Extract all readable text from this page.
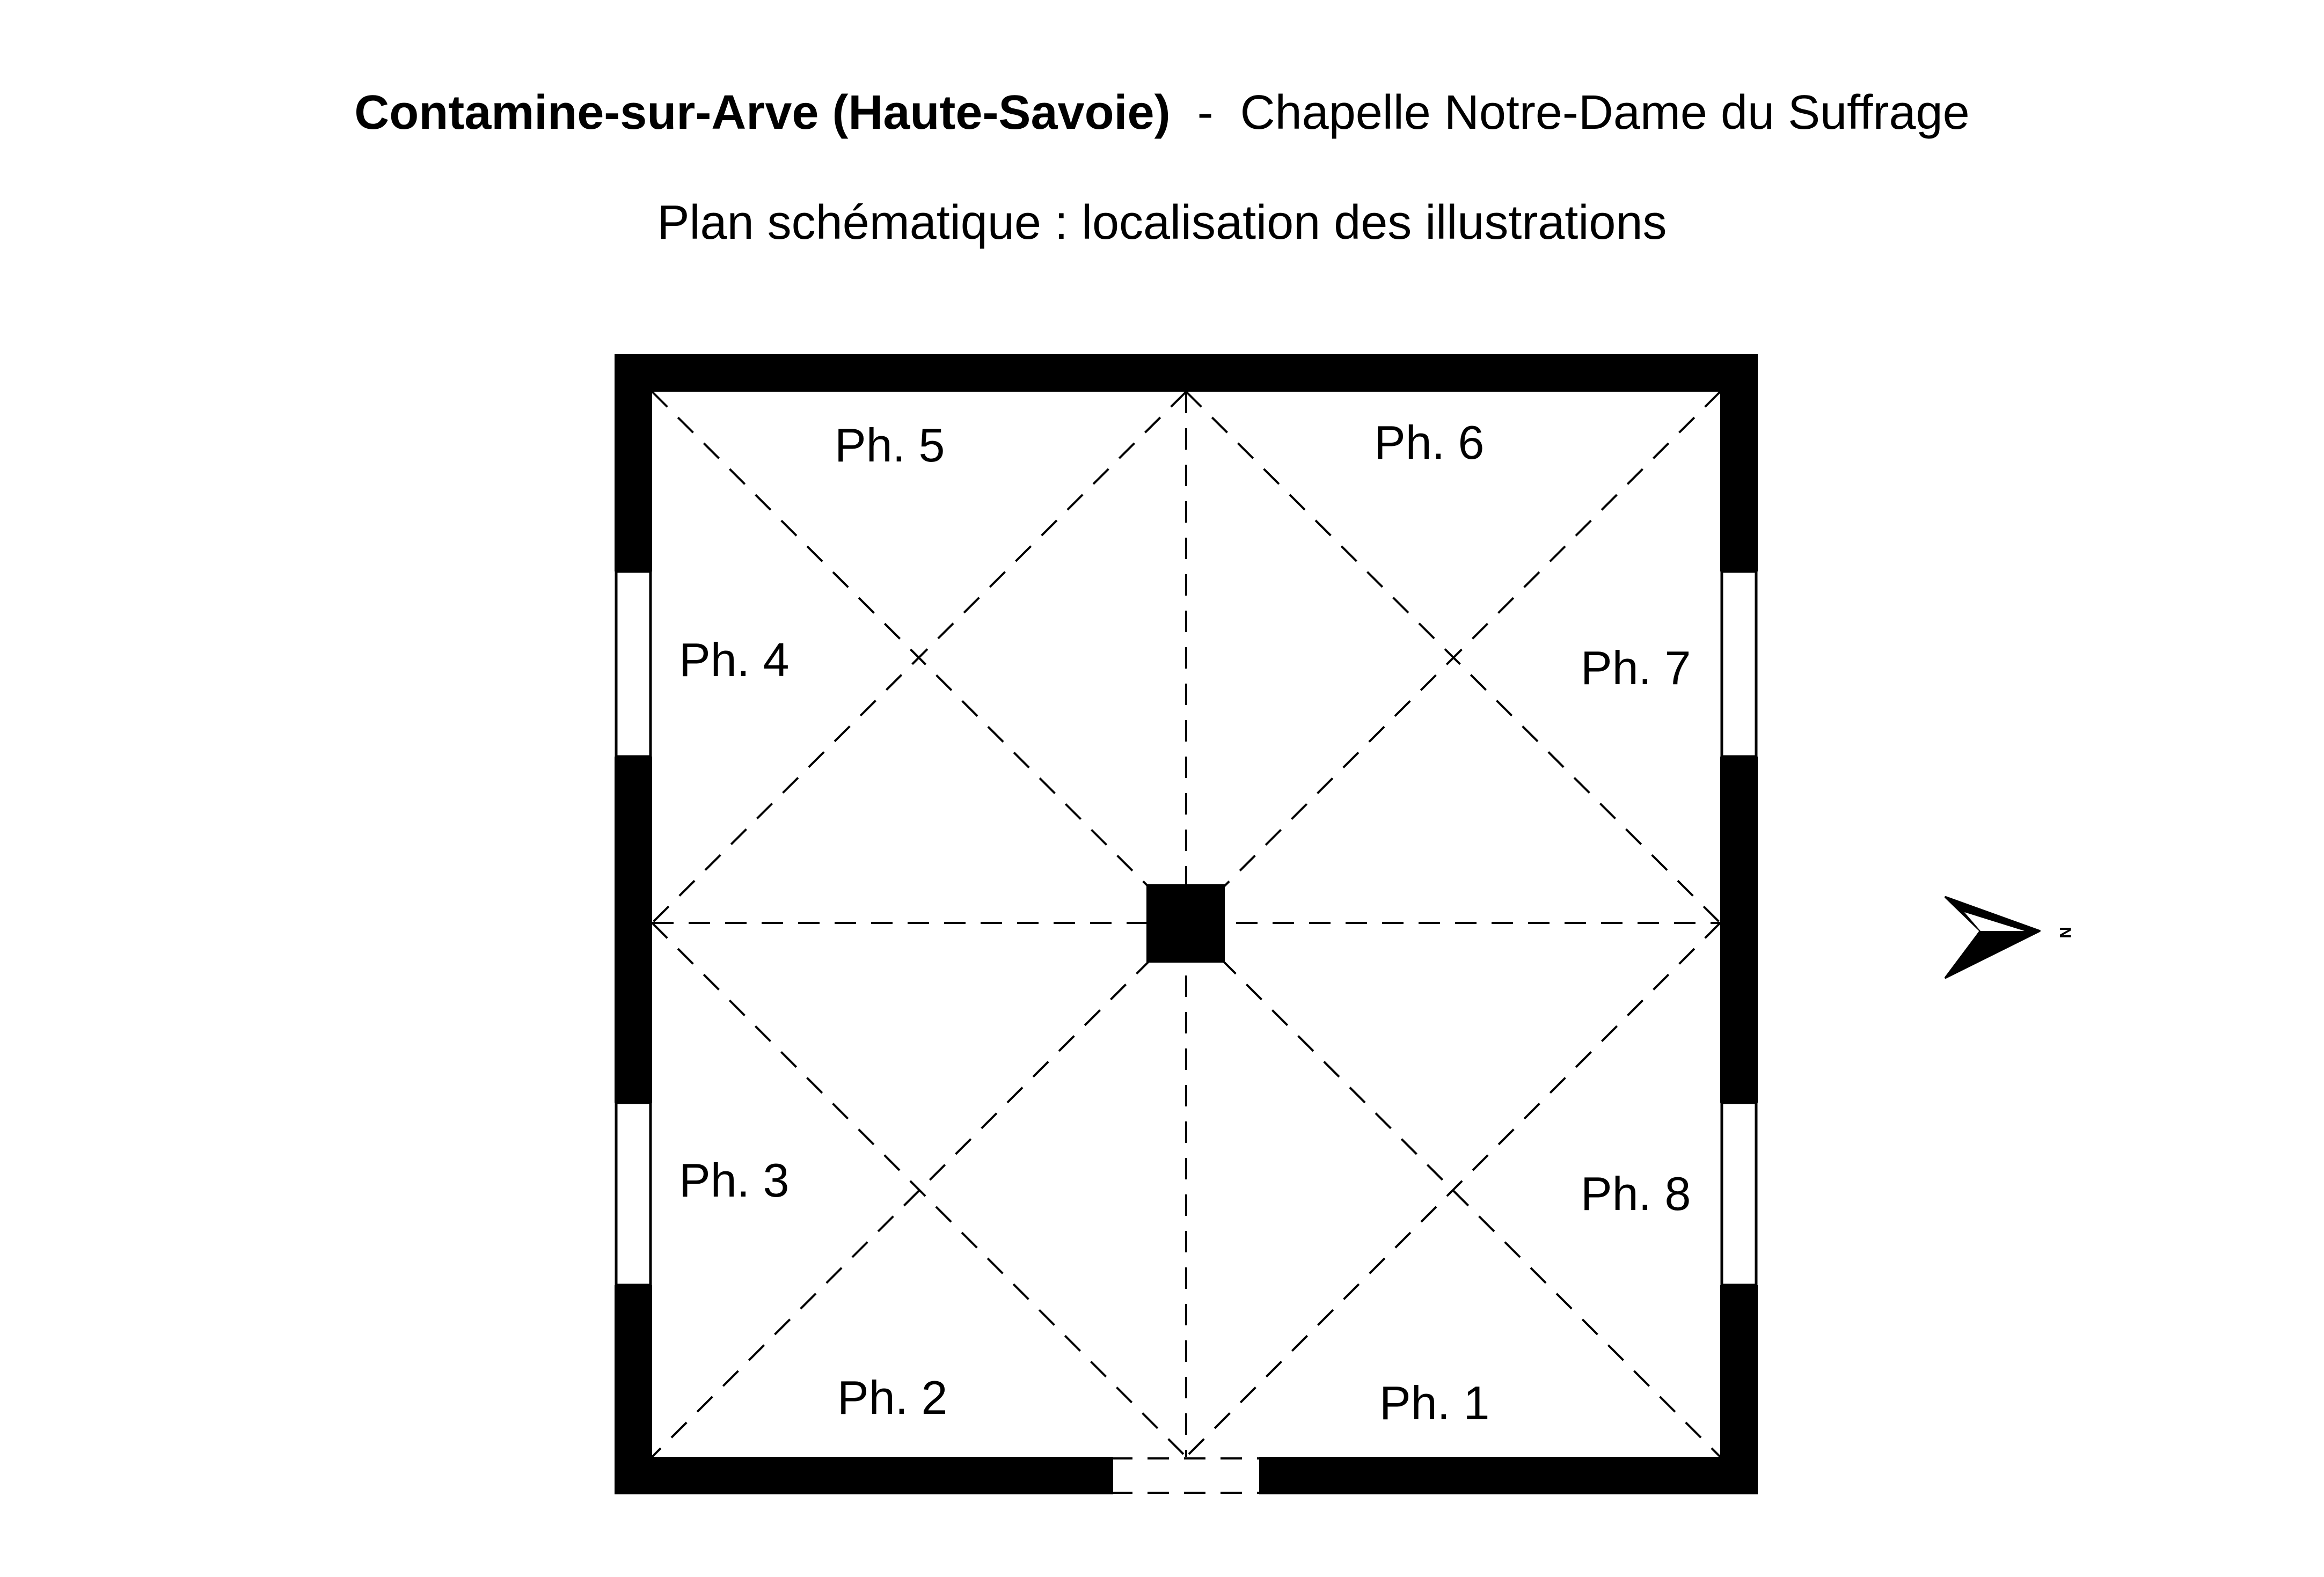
Contamine-sur-Arve (Haute-Savoie) - Chapelle Notre-Dame du Suffrage
Plan schématique : localisation des illustrations
Ph. 5	Ph. 6
Ph. 4	Ph. 7
Ph. 3	Ph. 8
Ph. 2	Ph. 1
N
